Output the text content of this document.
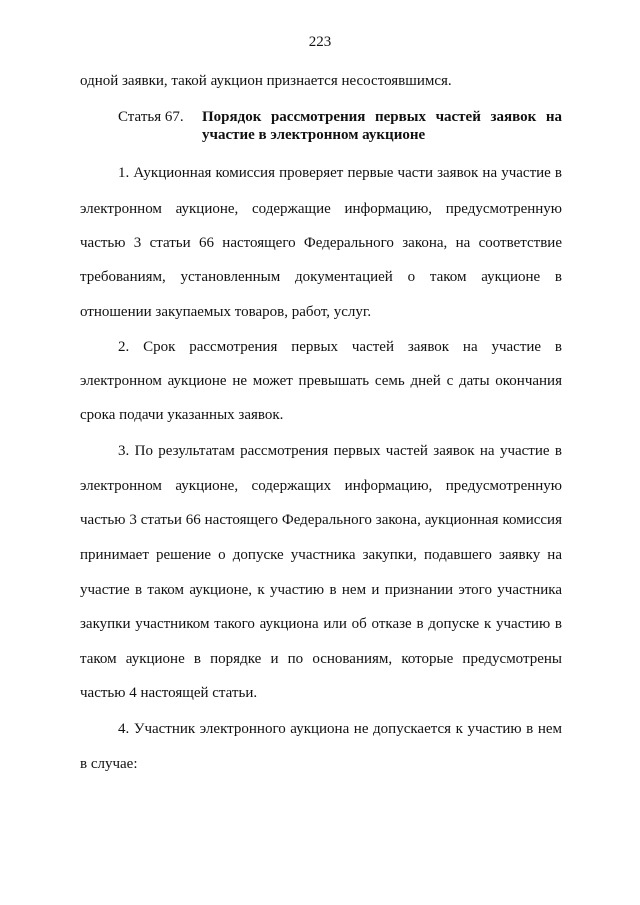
223
одной заявки, такой аукцион признается несостоявшимся.
Статья 67. Порядок рассмотрения первых частей заявок на
участие в электронном аукционе
1. Аукционная комиссия проверяет первые части заявок на участие в
электронном аукционе, содержащие информацию, предусмотренную
частью 3 статьи 66 настоящего Федерального закона, на соответствие
требованиям, установленным документацией о таком аукционе в
отношении закупаемых товаров, работ, услуг.
2. Срок рассмотрения первых частей заявок на участие в
электронном аукционе не может превышать семь дней с даты окончания
срока подачи указанных заявок.
3. По результатам рассмотрения первых частей заявок на участие в
электронном аукционе, содержащих информацию, предусмотренную
частью 3 статьи 66 настоящего Федерального закона, аукционная комиссия
принимает решение о допуске участника закупки, подавшего заявку на
участие в таком аукционе, к участию в нем и признании этого участника
закупки участником такого аукциона или об отказе в допуске к участию в
таком аукционе в порядке и по основаниям, которые предусмотрены
частью 4 настоящей статьи.
4. Участник электронного аукциона не допускается к участию в нем
в случае:
